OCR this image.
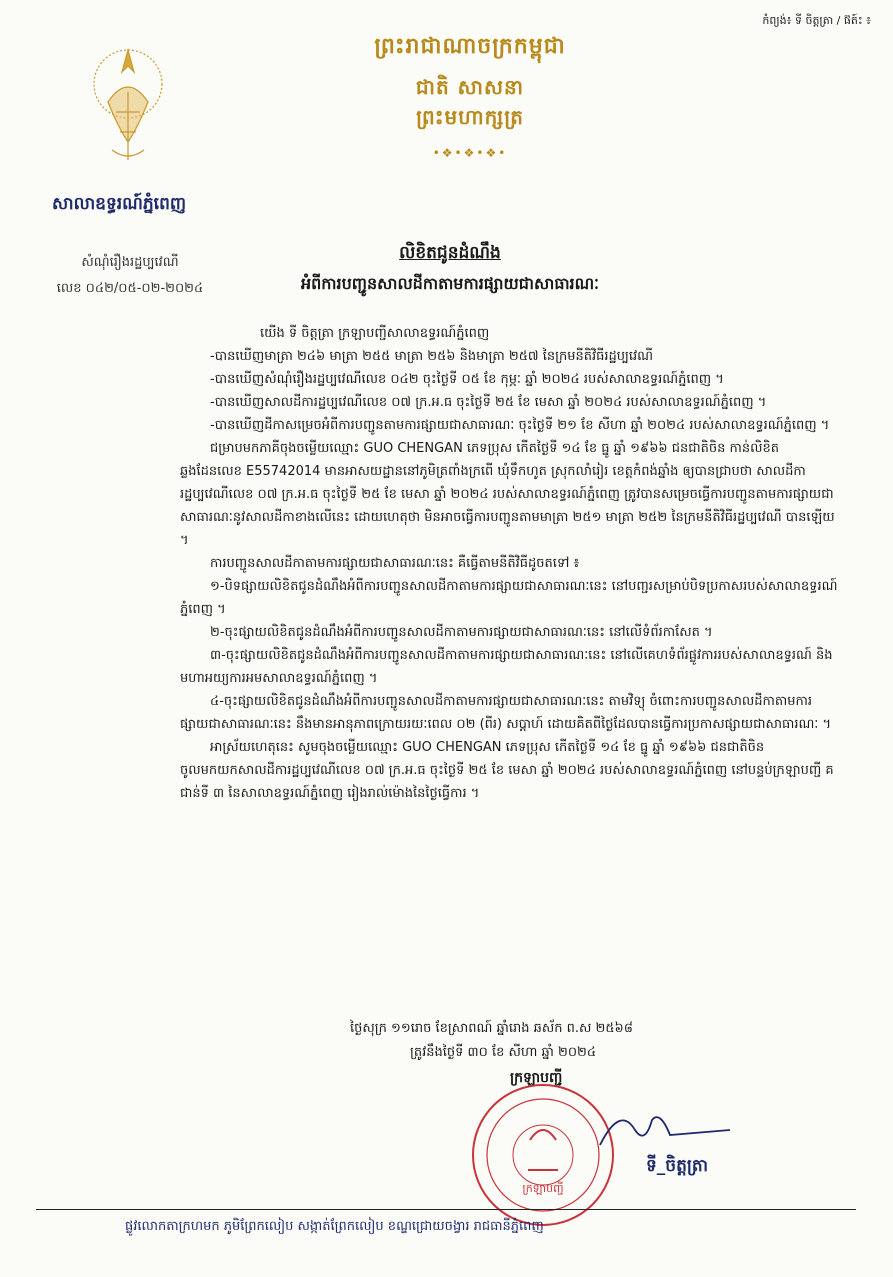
កំព្យង់៖ ទី ចិត្តត្រា / ផ៊ត៍ះ ៖
សាលាឧទ្ធរណ៍ភ្នំពេញ
ព្រះរាជាណាចក្រកម្ពុជា
ជាតិ សាសនា ព្រះមហាក្សត្រ
•❖•❖•❖•
សំណុំរឿងរដ្ឋប្បវេណី
លេខ ០៤២/០៥-០២-២០២៤
លិខិតជូនដំណឹង
អំពីការបញ្ជូនសាលដីកាតាមការផ្សាយជាសាធារណៈ

យើង ទី ចិត្តត្រា ក្រឡាបញ្ជីសាលាឧទ្ធរណ៍ភ្នំពេញ

-បានឃើញមាត្រា ២៤៦ មាត្រា ២៥៥ មាត្រា ២៥៦ និងមាត្រា ២៥៧ នៃក្រមនីតិវិធីរដ្ឋប្បវេណី

-បានឃើញសំណុំរឿងរដ្ឋប្បវេណីលេខ ០៤២ ចុះថ្ងៃទី ០៥ ខែ កុម្ភៈ ឆ្នាំ ២០២៤ របស់សាលាឧទ្ធរណ៍ភ្នំពេញ ។

-បានឃើញសាលដីការដ្ឋប្បវេណីលេខ ០៧ ក្រ.អ.ធ ចុះថ្ងៃទី ២៥ ខែ មេសា ឆ្នាំ ២០២៤ របស់សាលាឧទ្ធរណ៍ភ្នំពេញ ។

-បានឃើញដីកាសម្រេចអំពីការបញ្ជូនតាមការផ្សាយជាសាធារណៈ ចុះថ្ងៃទី ២១ ខែ សីហា ឆ្នាំ ២០២៤ របស់សាលាឧទ្ធរណ៍ភ្នំពេញ ។

ជម្រាបមកភាគីចុងចម្លើយឈ្មោះ GUO CHENGAN ភេទប្រុស កើតថ្ងៃទី ១៤ ខែ ធ្នូ ឆ្នាំ ១៩៦៦ ជនជាតិចិន កាន់លិខិតឆ្លងដែនលេខ E55742014 មានអាសយដ្ឋាននៅភូមិត្រពាំងក្រពើ ឃុំទឹកហូត ស្រុកលាំរៀរ ខេត្តកំពង់ឆ្នាំង ឲ្យបានជ្រាបថា សាលដីការដ្ឋប្បវេណីលេខ ០៧ ក្រ.អ.ធ ចុះថ្ងៃទី ២៥ ខែ មេសា ឆ្នាំ ២០២៤ របស់សាលាឧទ្ធរណ៍ភ្នំពេញ ត្រូវបានសម្រេចធ្វើការបញ្ជូនតាមការផ្សាយជាសាធារណៈនូវសាលដីកាខាងលើនេះ ដោយហេតុថា មិនអាចធ្វើការបញ្ជូនតាមមាត្រា ២៥១ មាត្រា ២៥២ នៃក្រមនីតិវិធីរដ្ឋប្បវេណី បានឡើយ ។

ការបញ្ជូនសាលដីកាតាមការផ្សាយជាសាធារណៈនេះ គឺធ្វើតាមនីតិវិធីដូចតទៅ ៖

១-បិទផ្សាយលិខិតជូនដំណឹងអំពីការបញ្ជូនសាលដីកាតាមការផ្សាយជាសាធារណៈនេះ នៅបញ្ជរសម្រាប់បិទប្រកាសរបស់សាលាឧទ្ធរណ៍ភ្នំពេញ ។

២-ចុះផ្សាយលិខិតជូនដំណឹងអំពីការបញ្ជូនសាលដីកាតាមការផ្សាយជាសាធារណៈនេះ នៅលើទំព័រកាសែត ។

៣-ចុះផ្សាយលិខិតជូនដំណឹងអំពីការបញ្ជូនសាលដីកាតាមការផ្សាយជាសាធារណៈនេះ នៅលើគេហទំព័រផ្លូវការរបស់សាលាឧទ្ធរណ៍ និងមហាអយ្យការអមសាលាឧទ្ធរណ៍ភ្នំពេញ ។

៤-ចុះផ្សាយលិខិតជូនដំណឹងអំពីការបញ្ជូនសាលដីកាតាមការផ្សាយជាសាធារណៈនេះ តាមវិទ្យុ ចំពោះការបញ្ជូនសាលដីកាតាមការផ្សាយជាសាធារណៈនេះ នឹងមានអានុភាពក្រោយរយៈពេល ០២ (ពីរ) សប្តាហ៍ ដោយគិតពីថ្ងៃដែលបានធ្វើការប្រកាសផ្សាយជាសាធារណៈ ។

អាស្រ័យហេតុនេះ សូមចុងចម្លើយឈ្មោះ GUO CHENGAN ភេទប្រុស កើតថ្ងៃទី ១៤ ខែ ធ្នូ ឆ្នាំ ១៩៦៦ ជនជាតិចិន ចូលមកយកសាលដីការដ្ឋប្បវេណីលេខ ០៧ ក្រ.អ.ធ ចុះថ្ងៃទី ២៥ ខែ មេសា ឆ្នាំ ២០២៤ របស់សាលាឧទ្ធរណ៍ភ្នំពេញ នៅបន្ទប់ក្រឡាបញ្ជី គ ជាន់ទី ៣ នៃសាលាឧទ្ធរណ៍ភ្នំពេញ រៀងរាល់ម៉ោងនៃថ្ងៃធ្វើការ ។

ថ្ងៃសុក្រ ១១រោច ខែស្រាពណ៍ ឆ្នាំរោង ឆស័ក ព.ស ២៥៦៨
ត្រូវនឹងថ្ងៃទី ៣០ ខែ សីហា ឆ្នាំ ២០២៤
ក្រឡាបញ្ជី
ក្រឡាបញ្ជី
ទី_ចិត្តត្រា
ផ្លូវលោកតាក្រហមក ភូមិព្រែកលៀប សង្កាត់ព្រែកលៀប ខណ្ឌជ្រោយចង្វារ រាជធានីភ្នំពេញ
